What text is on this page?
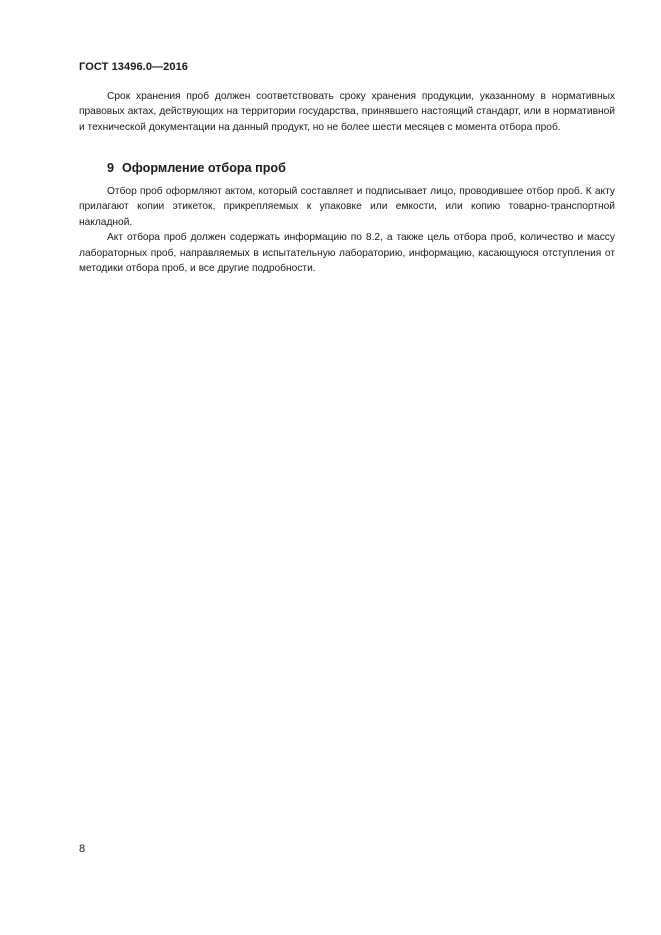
ГОСТ 13496.0—2016

Срок хранения проб должен соответствовать сроку хранения продукции, указанному в нормативных правовых актах, действующих на территории государства, принявшего настоящий стандарт, или в нормативной и технической документации на данный продукт, но не более шести месяцев с момента отбора проб.

9 Оформление отбора проб

Отбор проб оформляют актом, который составляет и подписывает лицо, проводившее отбор проб. К акту прилагают копии этикеток, прикрепляемых к упаковке или емкости, или копию товарно-транспортной накладной.

Акт отбора проб должен содержать информацию по 8.2, а также цель отбора проб, количество и массу лабораторных проб, направляемых в испытательную лабораторию, информацию, касающуюся отступления от методики отбора проб, и все другие подробности.

8
